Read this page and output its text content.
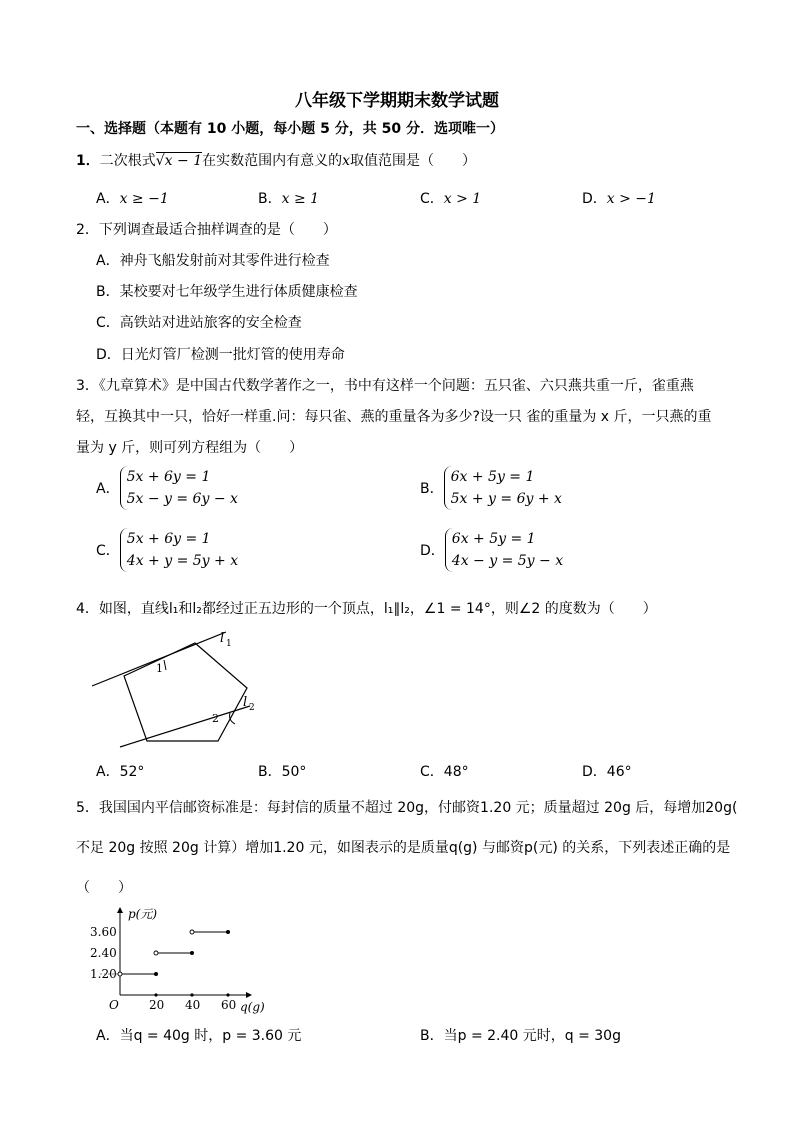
八年级下学期期末数学试题
一、选择题（本题有 10 小题，每小题 5 分，共 50 分．选项唯一）
1．二次根式√x − 1在实数范围内有意义的x取值范围是（　　）
A．x ≥ −1	B．x ≥ 1	C．x > 1	D．x > −1
2．下列调查最适合抽样调查的是（　　）
A．神舟飞船发射前对其零件进行检查
B．某校要对七年级学生进行体质健康检查
C．高铁站对进站旅客的安全检查
D．日光灯管厂检测一批灯管的使用寿命
3．《九章算术》是中国古代数学著作之一，书中有这样一个问题：五只雀、六只燕共重一斤，雀重燕
轻，互换其中一只，恰好一样重.问：每只雀、燕的重量各为多少?设一只 雀的重量为 x 斤，一只燕的重
量为 y 斤，则可列方程组为（　　）
A．5x + 6y = 1
5x − y = 6y − x
B．6x + 5y = 1
5x + y = 6y + x
C．5x + 6y = 1
4x + y = 5y + x
D．6x + 5y = 1
4x − y = 5y − x
4．如图，直线l₁和l₂都经过正五边形的一个顶点，l₁∥l₂，∠1 = 14°，则∠2 的度数为（　　）
l 1
l 2
1
2
A．52°	B．50°	C．48°	D．46°
5．我国国内平信邮资标准是：每封信的质量不超过 20g，付邮资1.20 元；质量超过 20g 后，每增加20g(
不足 20g 按照 20g 计算）增加1.20 元，如图表示的是质量q(g) 与邮资p(元) 的关系，下列表述正确的是
（　　）
p(元)
q(g)
O	20 40 60
1.20
2.40
3.60
A．当q = 40g 时，p = 3.60 元	B．当p = 2.40 元时，q = 30g
